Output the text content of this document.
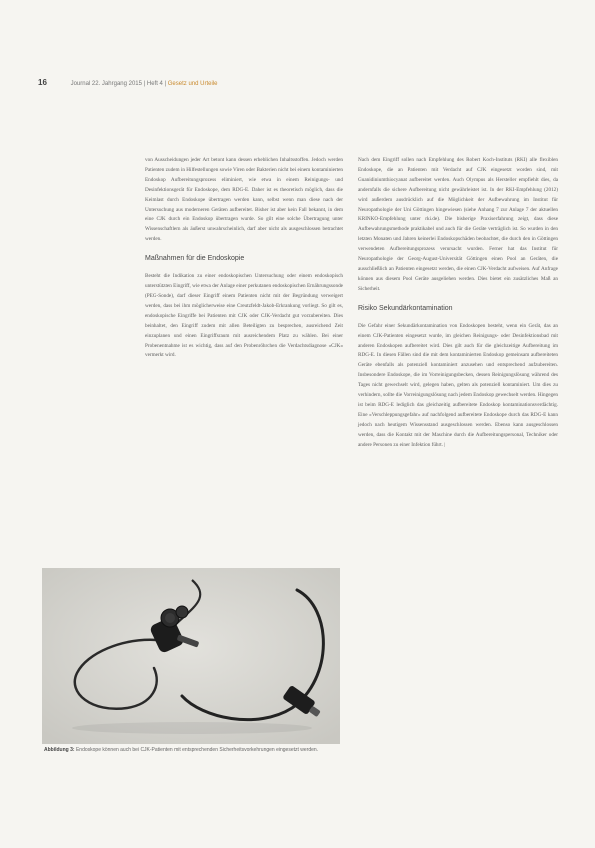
16	Journal 22. Jahrgang 2015 | Heft 4 | Gesetz und Urteile

von Ausscheidungen jeder Art betont kann dessen erheblichen Inhaltsstoffen. Jedoch werden Patienten zudem in Hilfestellungen sowie Viren oder Bakterien nicht bei einem kontaminierten Endoskop Aufbereitungsprozess eliminiert, wie etwa in einem Reinigungs- und Desinfektionsgerät für Endoskope, dem RDG-E. Daher ist es theoretisch möglich, dass die Keimlast durch Endoskope übertragen werden kann, selbst wenn man diese nach der Untersuchung aus moderneren Geräten aufbereitet. Bisher ist aber kein Fall bekannt, in dem eine CJK durch ein Endoskop übertragen wurde. So gilt eine solche Übertragung unter Wissenschaftlern als äußerst unwahrscheinlich, darf aber nicht als ausgeschlossen betrachtet werden.

Maßnahmen für die Endoskopie

Besteht die Indikation zu einer endoskopischen Untersuchung oder einem endoskopisch unterstützten Eingriff, wie etwa der Anlage einer perkutanen endoskopischen Ernährungssonde (PEG-Sonde), darf dieser Eingriff einem Patienten nicht mit der Begründung verweigert werden, dass bei ihm möglicherweise eine Creutzfeldt-Jakob-Erkrankung vorliegt. So gilt es, endoskopische Eingriffe bei Patienten mit CJK oder CJK-Verdacht gut vorzubereiten. Dies beinhaltet, den Eingriff zudem mit allen Beteiligten zu besprechen, ausreichend Zeit einzuplanen und einen Eingriffsraum mit ausreichendem Platz zu wählen. Bei einer Probenentnahme ist es wichtig, dass auf den Probenröhrchen die Verdachtsdiagnose »CJK« vermerkt wird.

Nach dem Eingriff sollen nach Empfehlung des Robert Koch-Instituts (RKI) alle flexiblen Endoskope, die an Patienten mit Verdacht auf CJK eingesetzt worden sind, mit Guanidiniumthiocyanat aufbereitet werden. Auch Olympus als Hersteller empfiehlt dies, da andernfalls die sichere Aufbereitung nicht gewährleistet ist. In der RKI-Empfehlung (2012) wird außerdem ausdrücklich auf die Möglichkeit der Aufbewahrung im Institut für Neuropathologie der Uni Göttingen hingewiesen (siehe Anhang 7 zur Anlage 7 der aktuellen KRINKO-Empfehlung unter rki.de). Die bisherige Praxiserfahrung zeigt, dass diese Aufbewahrungsmethode praktikabel und auch für die Geräte verträglich ist. So wurden in den letzten Monaten und Jahren keinerlei Endoskopschäden beobachtet, die durch den in Göttingen verwendeten Aufbereitungsprozess verursacht wurden. Ferner hat das Institut für Neuropathologie der Georg-August-Universität Göttingen einen Pool an Geräten, die ausschließlich an Patienten eingesetzt werden, die einen CJK-Verdacht aufweisen. Auf Anfrage können aus diesem Pool Geräte ausgeliehen werden. Dies bietet ein zusätzliches Maß an Sicherheit.

Risiko Sekundärkontamination

Die Gefahr einer Sekundärkontamination von Endoskopen besteht, wenn ein Gerät, das an einem CJK-Patienten eingesetzt wurde, im gleichen Reinigungs- oder Desinfektionsbad mit anderen Endoskopen aufbereitet wird. Dies gilt auch für die gleichzeitige Aufbereitung im RDG-E. In diesen Fällen sind die mit dem kontaminierten Endoskop gemeinsam aufbereiteten Geräte ebenfalls als potenziell kontaminiert anzusehen und entsprechend aufzubereiten. Insbesondere Endoskope, die im Vorreinigungsbecken, dessen Reinigungslösung während des Tages nicht gewechselt wird, gelegen haben, gelten als potenziell kontaminiert. Um dies zu verhindern, sollte die Vorreinigungslösung nach jedem Endoskop gewechselt werden. Hingegen ist beim RDG-E lediglich das gleichzeitig aufbereitete Endoskop kontaminationsverdächtig. Eine »Verschleppungsgefahr« auf nachfolgend aufbereitete Endoskope durch das RDG-E kann jedoch nach heutigem Wissensstand ausgeschlossen werden. Ebenso kann ausgeschlossen werden, dass die Kontakt mit der Maschine durch die Aufbereitungspersonal, Techniker oder andere Personen zu einer Infektion führt. |

Abbildung 3: Endoskope können auch bei CJK-Patienten mit entsprechenden Sicherheitsvorkehrungen eingesetzt werden.
